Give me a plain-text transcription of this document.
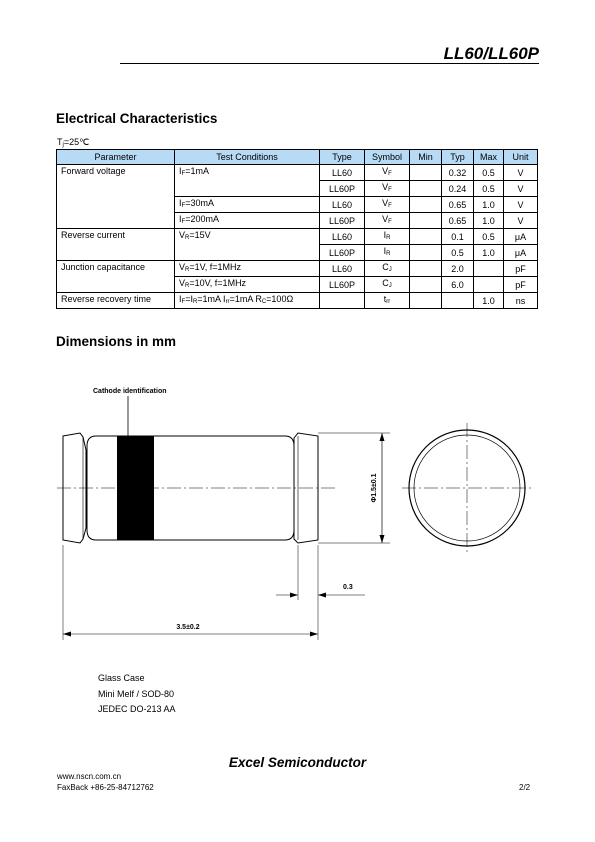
LL60/LL60P
Electrical Characteristics
$T_j=25℃$
Parameter	Test Conditions	Type	Symbol	Min	Typ	Max	Unit
Forward voltage	$I_F=1mA$	LL60	$V_F$		0.32	0.5	V
		LL60P	$V_F$		0.24	0.5	V
	$I_F=30mA$	LL60	$V_F$		0.65	1.0	V
	$I_F=200mA$	LL60P	$V_F$		0.65	1.0	V
Reverse current	$V_R=15V$	LL60	$I_R$		0.1	0.5	μA
		LL60P	$I_R$		0.5	1.0	μA
Junction capacitance	$V_R=1V$, f=1MHz	LL60	$C_J$		2.0		pF
	$V_R=10V$, f=1MHz	LL60P	$C_J$		6.0		pF
Reverse recovery time	$I_F=I_R=1mA$ $I_{rr}=1mA$ $R_C=100\Omega$		$t_{rr}$			1.0	ns
Dimensions in mm
Cathode identification
Φ1.5±0.1
0.3
3.5±0.2
Glass Case
Mini Melf / SOD-80
JEDEC DO-213 AA
Excel Semiconductor
www.nscn.com.cn
FaxBack +86-25-84712762	2/2
